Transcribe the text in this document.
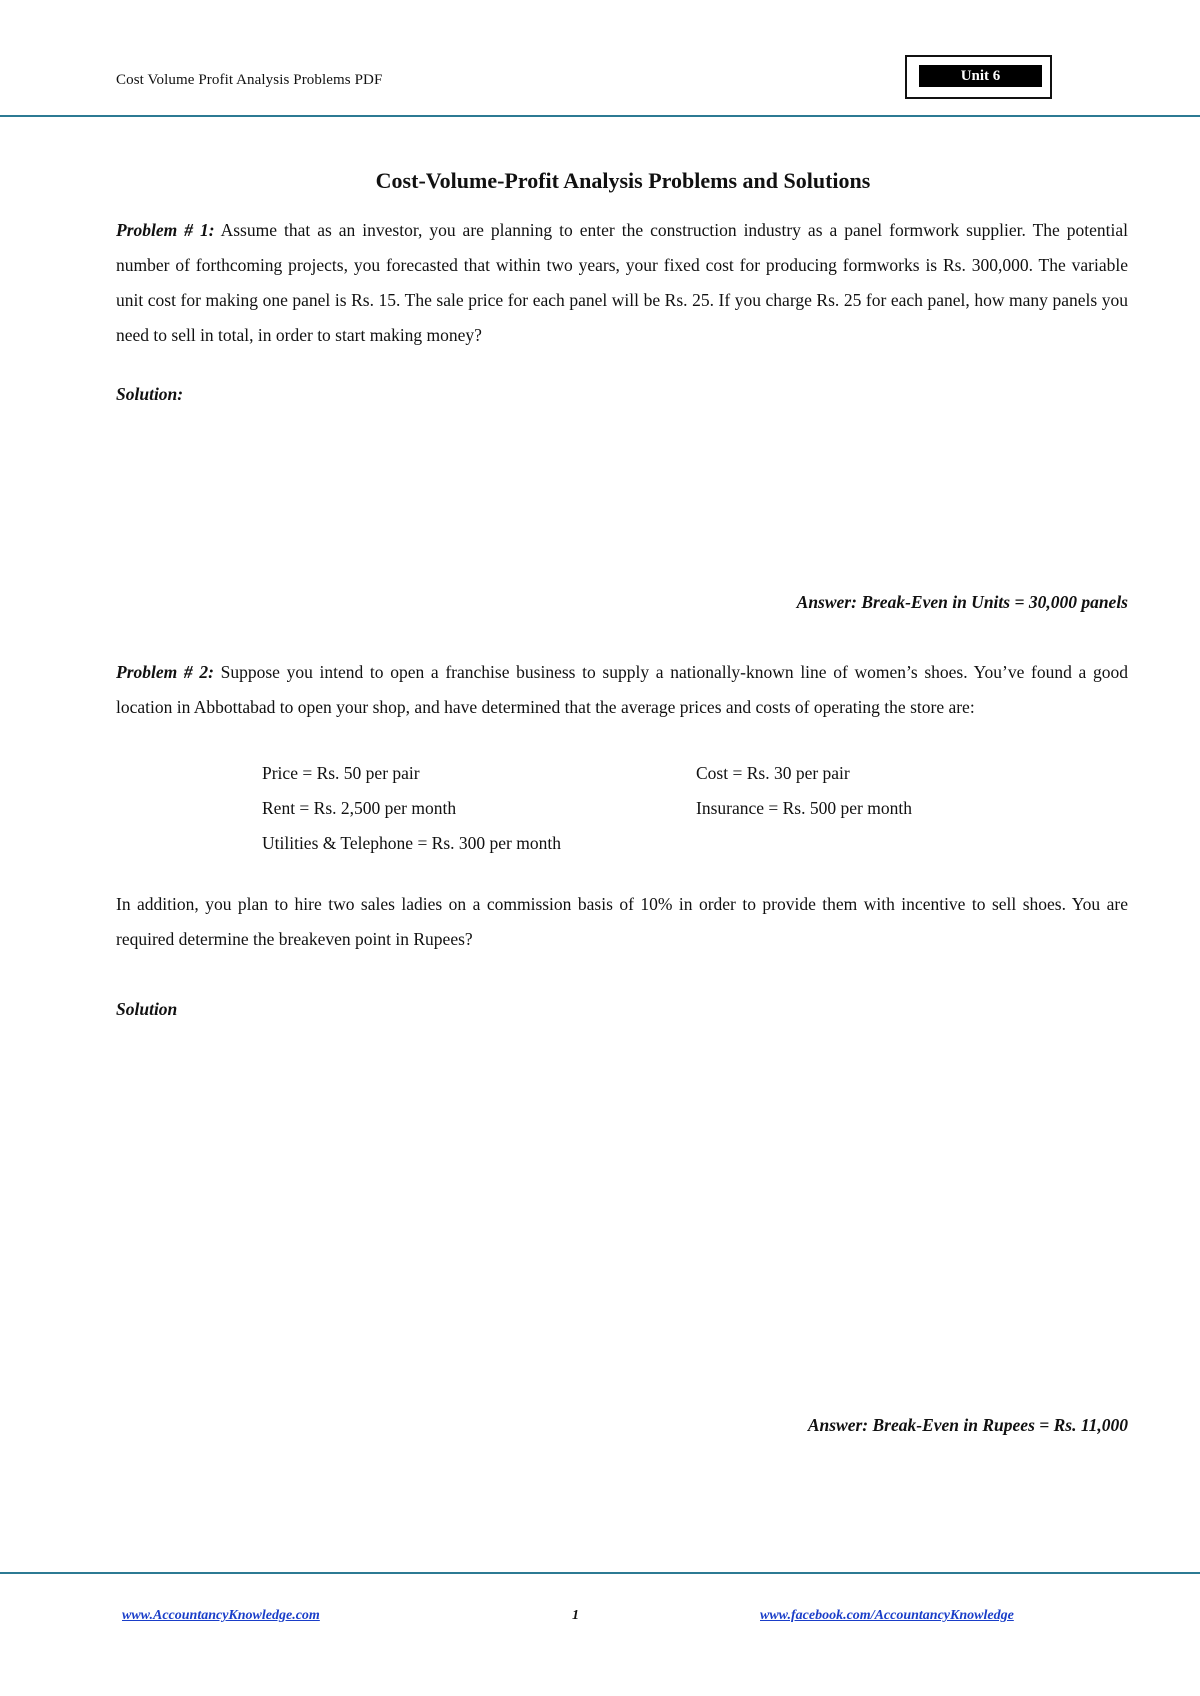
Cost Volume Profit Analysis Problems PDF	Unit 6
Cost-Volume-Profit Analysis Problems and Solutions
Problem # 1: Assume that as an investor, you are planning to enter the construction industry as a panel formwork supplier. The potential number of forthcoming projects, you forecasted that within two years, your fixed cost for producing formworks is Rs. 300,000. The variable unit cost for making one panel is Rs. 15. The sale price for each panel will be Rs. 25. If you charge Rs. 25 for each panel, how many panels you need to sell in total, in order to start making money?
Solution:
Answer: Break-Even in Units = 30,000 panels
Problem # 2: Suppose you intend to open a franchise business to supply a nationally-known line of women’s shoes. You’ve found a good location in Abbottabad to open your shop, and have determined that the average prices and costs of operating the store are:
Price = Rs. 50 per pair	Cost = Rs. 30 per pair
Rent = Rs. 2,500 per month	Insurance = Rs. 500 per month
Utilities & Telephone = Rs. 300 per month
In addition, you plan to hire two sales ladies on a commission basis of 10% in order to provide them with incentive to sell shoes. You are required determine the breakeven point in Rupees?
Solution
Answer: Break-Even in Rupees = Rs. 11,000
www.AccountancyKnowledge.com	1	www.facebook.com/AccountancyKnowledge
